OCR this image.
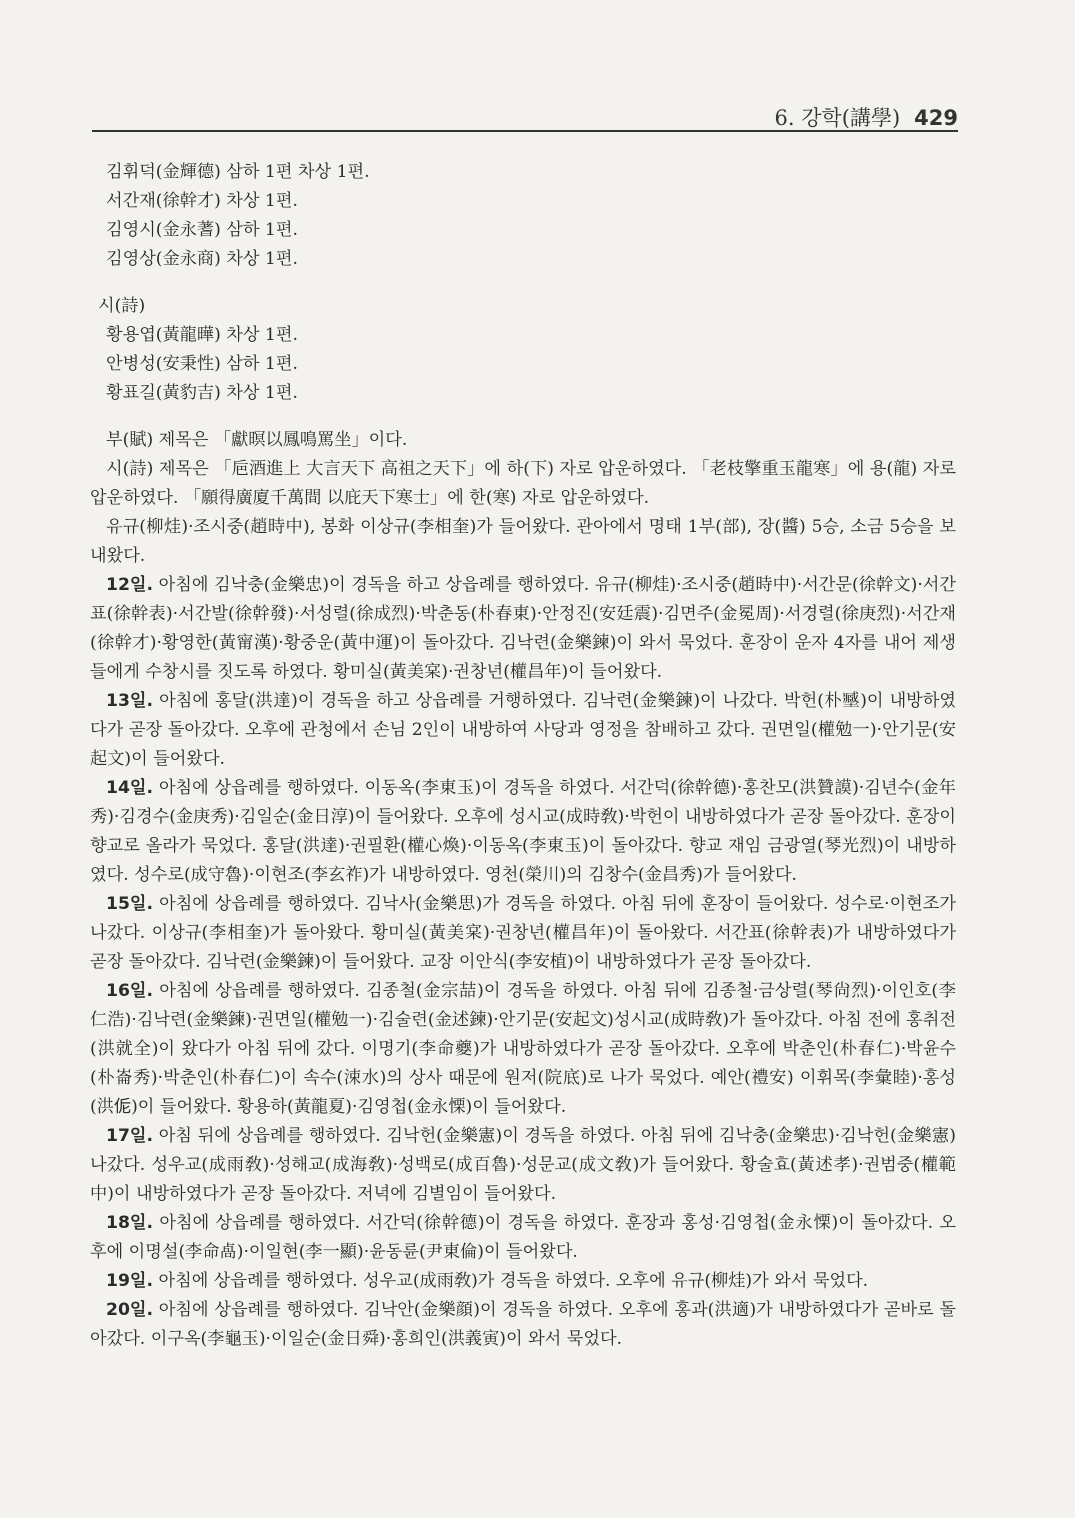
6. 강학(講學) 429
김휘덕(金輝德) 삼하 1편 차상 1편.
서간재(徐幹才) 차상 1편.
김영시(金永蓍) 삼하 1편.
김영상(金永商) 차상 1편.
시(詩)
황용엽(黃龍曄) 차상 1편.
안병성(安秉性) 삼하 1편.
황표길(黃豹吉) 차상 1편.

부(賦) 제목은 「獻暝以鳳鳴罵坐」이다.

시(詩) 제목은 「巵酒進上 大言天下 高祖之天下」에 하(下) 자로 압운하였다. 「老枝擎重玉龍寒」에 용(龍) 자로 압운하였다. 「願得廣廈千萬間 以庇天下寒士」에 한(寒) 자로 압운하였다.

유규(柳烓)·조시중(趙時中), 봉화 이상규(李相奎)가 들어왔다. 관아에서 명태 1부(部), 장(醬) 5승, 소금 5승을 보내왔다.

12일. 아침에 김낙충(金樂忠)이 경독을 하고 상읍례를 행하였다. 유규(柳烓)·조시중(趙時中)·서간문(徐幹文)·서간표(徐幹表)·서간발(徐幹發)·서성렬(徐成烈)·박춘동(朴春東)·안정진(安廷震)·김면주(金冕周)·서경렬(徐庚烈)·서간재(徐幹才)·황영한(黃甯漢)·황중운(黃中運)이 돌아갔다. 김낙련(金樂鍊)이 와서 묵었다. 훈장이 운자 4자를 내어 제생들에게 수창시를 짓도록 하였다. 황미실(黃美宲)·권창년(權昌年)이 들어왔다.

13일. 아침에 홍달(洪達)이 경독을 하고 상읍례를 거행하였다. 김낙련(金樂鍊)이 나갔다. 박헌(朴𡒉)이 내방하였다가 곧장 돌아갔다. 오후에 관청에서 손님 2인이 내방하여 사당과 영정을 참배하고 갔다. 권면일(權勉一)·안기문(安起文)이 들어왔다.

14일. 아침에 상읍례를 행하였다. 이동옥(李東玉)이 경독을 하였다. 서간덕(徐幹德)·홍찬모(洪贊謨)·김년수(金年秀)·김경수(金庚秀)·김일순(金日淳)이 들어왔다. 오후에 성시교(成時敎)·박헌이 내방하였다가 곧장 돌아갔다. 훈장이 향교로 올라가 묵었다. 홍달(洪達)·권필환(權心煥)·이동옥(李東玉)이 돌아갔다. 향교 재임 금광열(琴光烈)이 내방하였다. 성수로(成守魯)·이현조(李玄祚)가 내방하였다. 영천(榮川)의 김창수(金昌秀)가 들어왔다.

15일. 아침에 상읍례를 행하였다. 김낙사(金樂思)가 경독을 하였다. 아침 뒤에 훈장이 들어왔다. 성수로·이현조가 나갔다. 이상규(李相奎)가 돌아왔다. 황미실(黃美宲)·권창년(權昌年)이 돌아왔다. 서간표(徐幹表)가 내방하였다가 곧장 돌아갔다. 김낙련(金樂鍊)이 들어왔다. 교장 이안식(李安植)이 내방하였다가 곧장 돌아갔다.

16일. 아침에 상읍례를 행하였다. 김종철(金宗喆)이 경독을 하였다. 아침 뒤에 김종철·금상렬(琴尙烈)·이인호(李仁浩)·김낙련(金樂鍊)·권면일(權勉一)·김술련(金述鍊)·안기문(安起文)성시교(成時敎)가 돌아갔다. 아침 전에 홍취전(洪就全)이 왔다가 아침 뒤에 갔다. 이명기(李命夔)가 내방하였다가 곧장 돌아갔다. 오후에 박춘인(朴春仁)·박윤수(朴崙秀)·박춘인(朴春仁)이 속수(涑水)의 상사 때문에 원저(院底)로 나가 묵었다. 예안(禮安) 이휘목(李彙睦)·홍성(洪𠈁)이 들어왔다. 황용하(黃龍夏)·김영첩(金永慄)이 들어왔다.

17일. 아침 뒤에 상읍례를 행하였다. 김낙헌(金樂憲)이 경독을 하였다. 아침 뒤에 김낙충(金樂忠)·김낙헌(金樂憲)나갔다. 성우교(成雨敎)·성해교(成海敎)·성백로(成百魯)·성문교(成文敎)가 들어왔다. 황술효(黃述孝)·권범중(權範中)이 내방하였다가 곧장 돌아갔다. 저녁에 김별임이 들어왔다.

18일. 아침에 상읍례를 행하였다. 서간덕(徐幹德)이 경독을 하였다. 훈장과 홍성·김영첩(金永慄)이 돌아갔다. 오후에 이명설(李命卨)·이일현(李一顯)·윤동륜(尹東倫)이 들어왔다.

19일. 아침에 상읍례를 행하였다. 성우교(成雨敎)가 경독을 하였다. 오후에 유규(柳烓)가 와서 묵었다.

20일. 아침에 상읍례를 행하였다. 김낙안(金樂顔)이 경독을 하였다. 오후에 홍과(洪適)가 내방하였다가 곧바로 돌아갔다. 이구옥(李龜玉)·이일순(金日舜)·홍희인(洪義寅)이 와서 묵었다.
